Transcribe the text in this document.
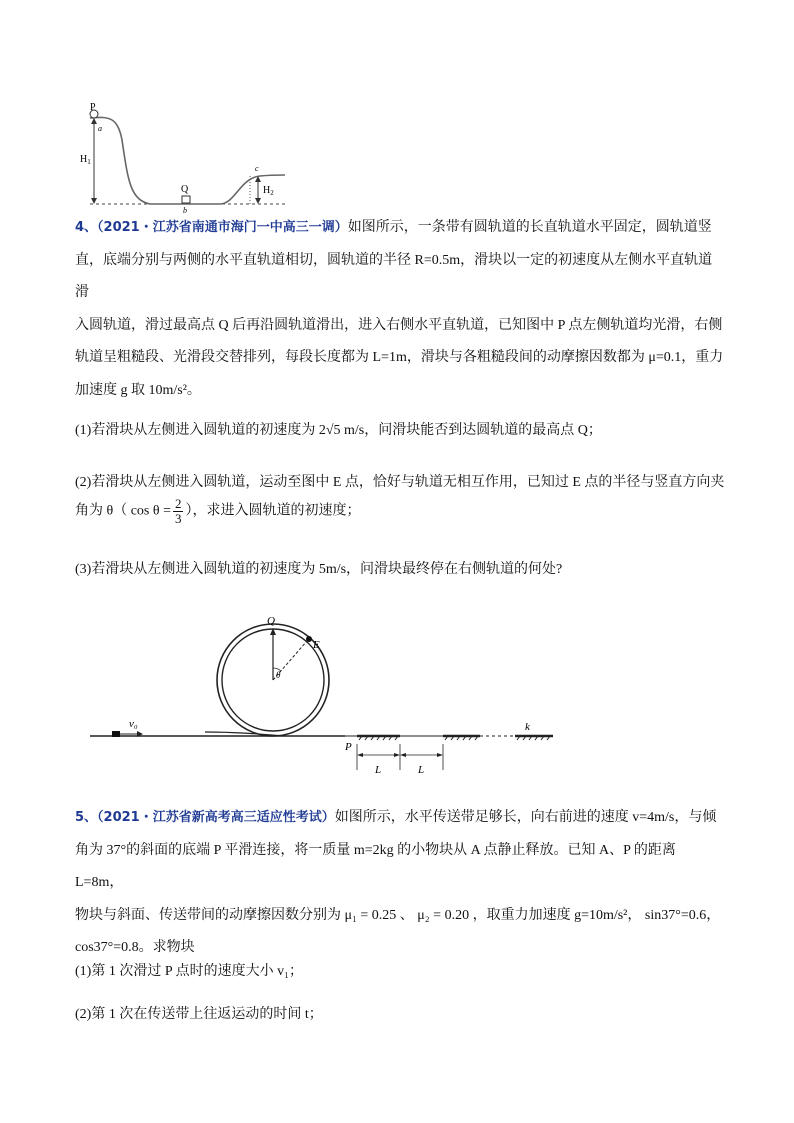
P
a
$H_1$
Q
b
c
$H_2$
4、（2021・江苏省南通市海门一中高三一调）如图所示，一条带有圆轨道的长直轨道水平固定，圆轨道竖
直，底端分别与两侧的水平直轨道相切，圆轨道的半径 R=0.5m，滑块以一定的初速度从左侧水平直轨道滑
入圆轨道，滑过最高点 Q 后再沿圆轨道滑出，进入右侧水平直轨道，已知图中 P 点左侧轨道均光滑，右侧
轨道呈粗糙段、光滑段交替排列，每段长度都为 L=1m，滑块与各粗糙段间的动摩擦因数都为 μ=0.1，重力
加速度 g 取 10m/s²。
(1)若滑块从左侧进入圆轨道的初速度为 2√5 m/s，问滑块能否到达圆轨道的最高点 Q；
(2)若滑块从左侧进入圆轨道，运动至图中 E 点，恰好与轨道无相互作用，已知过 E 点的半径与竖直方向夹
角为 θ（ $\cos \theta = \frac{2}{3}$ ），求进入圆轨道的初速度；
(3)若滑块从左侧进入圆轨道的初速度为 5m/s，问滑块最终停在右侧轨道的何处?
Q
E
θ
v₀
P
L	L
k
5、（2021・江苏省新高考高三适应性考试）如图所示，水平传送带足够长，向右前进的速度 v=4m/s，与倾
角为 37°的斜面的底端 P 平滑连接，将一质量 m=2kg 的小物块从 A 点静止释放。已知 A、P 的距离 L=8m，
物块与斜面、传送带间的动摩擦因数分别为 μ₁ = 0.25 、 μ₂ = 0.20 ，取重力加速度 g=10m/s²， sin37°=0.6，
cos37°=0.8。求物块
(1)第 1 次滑过 P 点时的速度大小 v₁；
(2)第 1 次在传送带上往返运动的时间 t；
